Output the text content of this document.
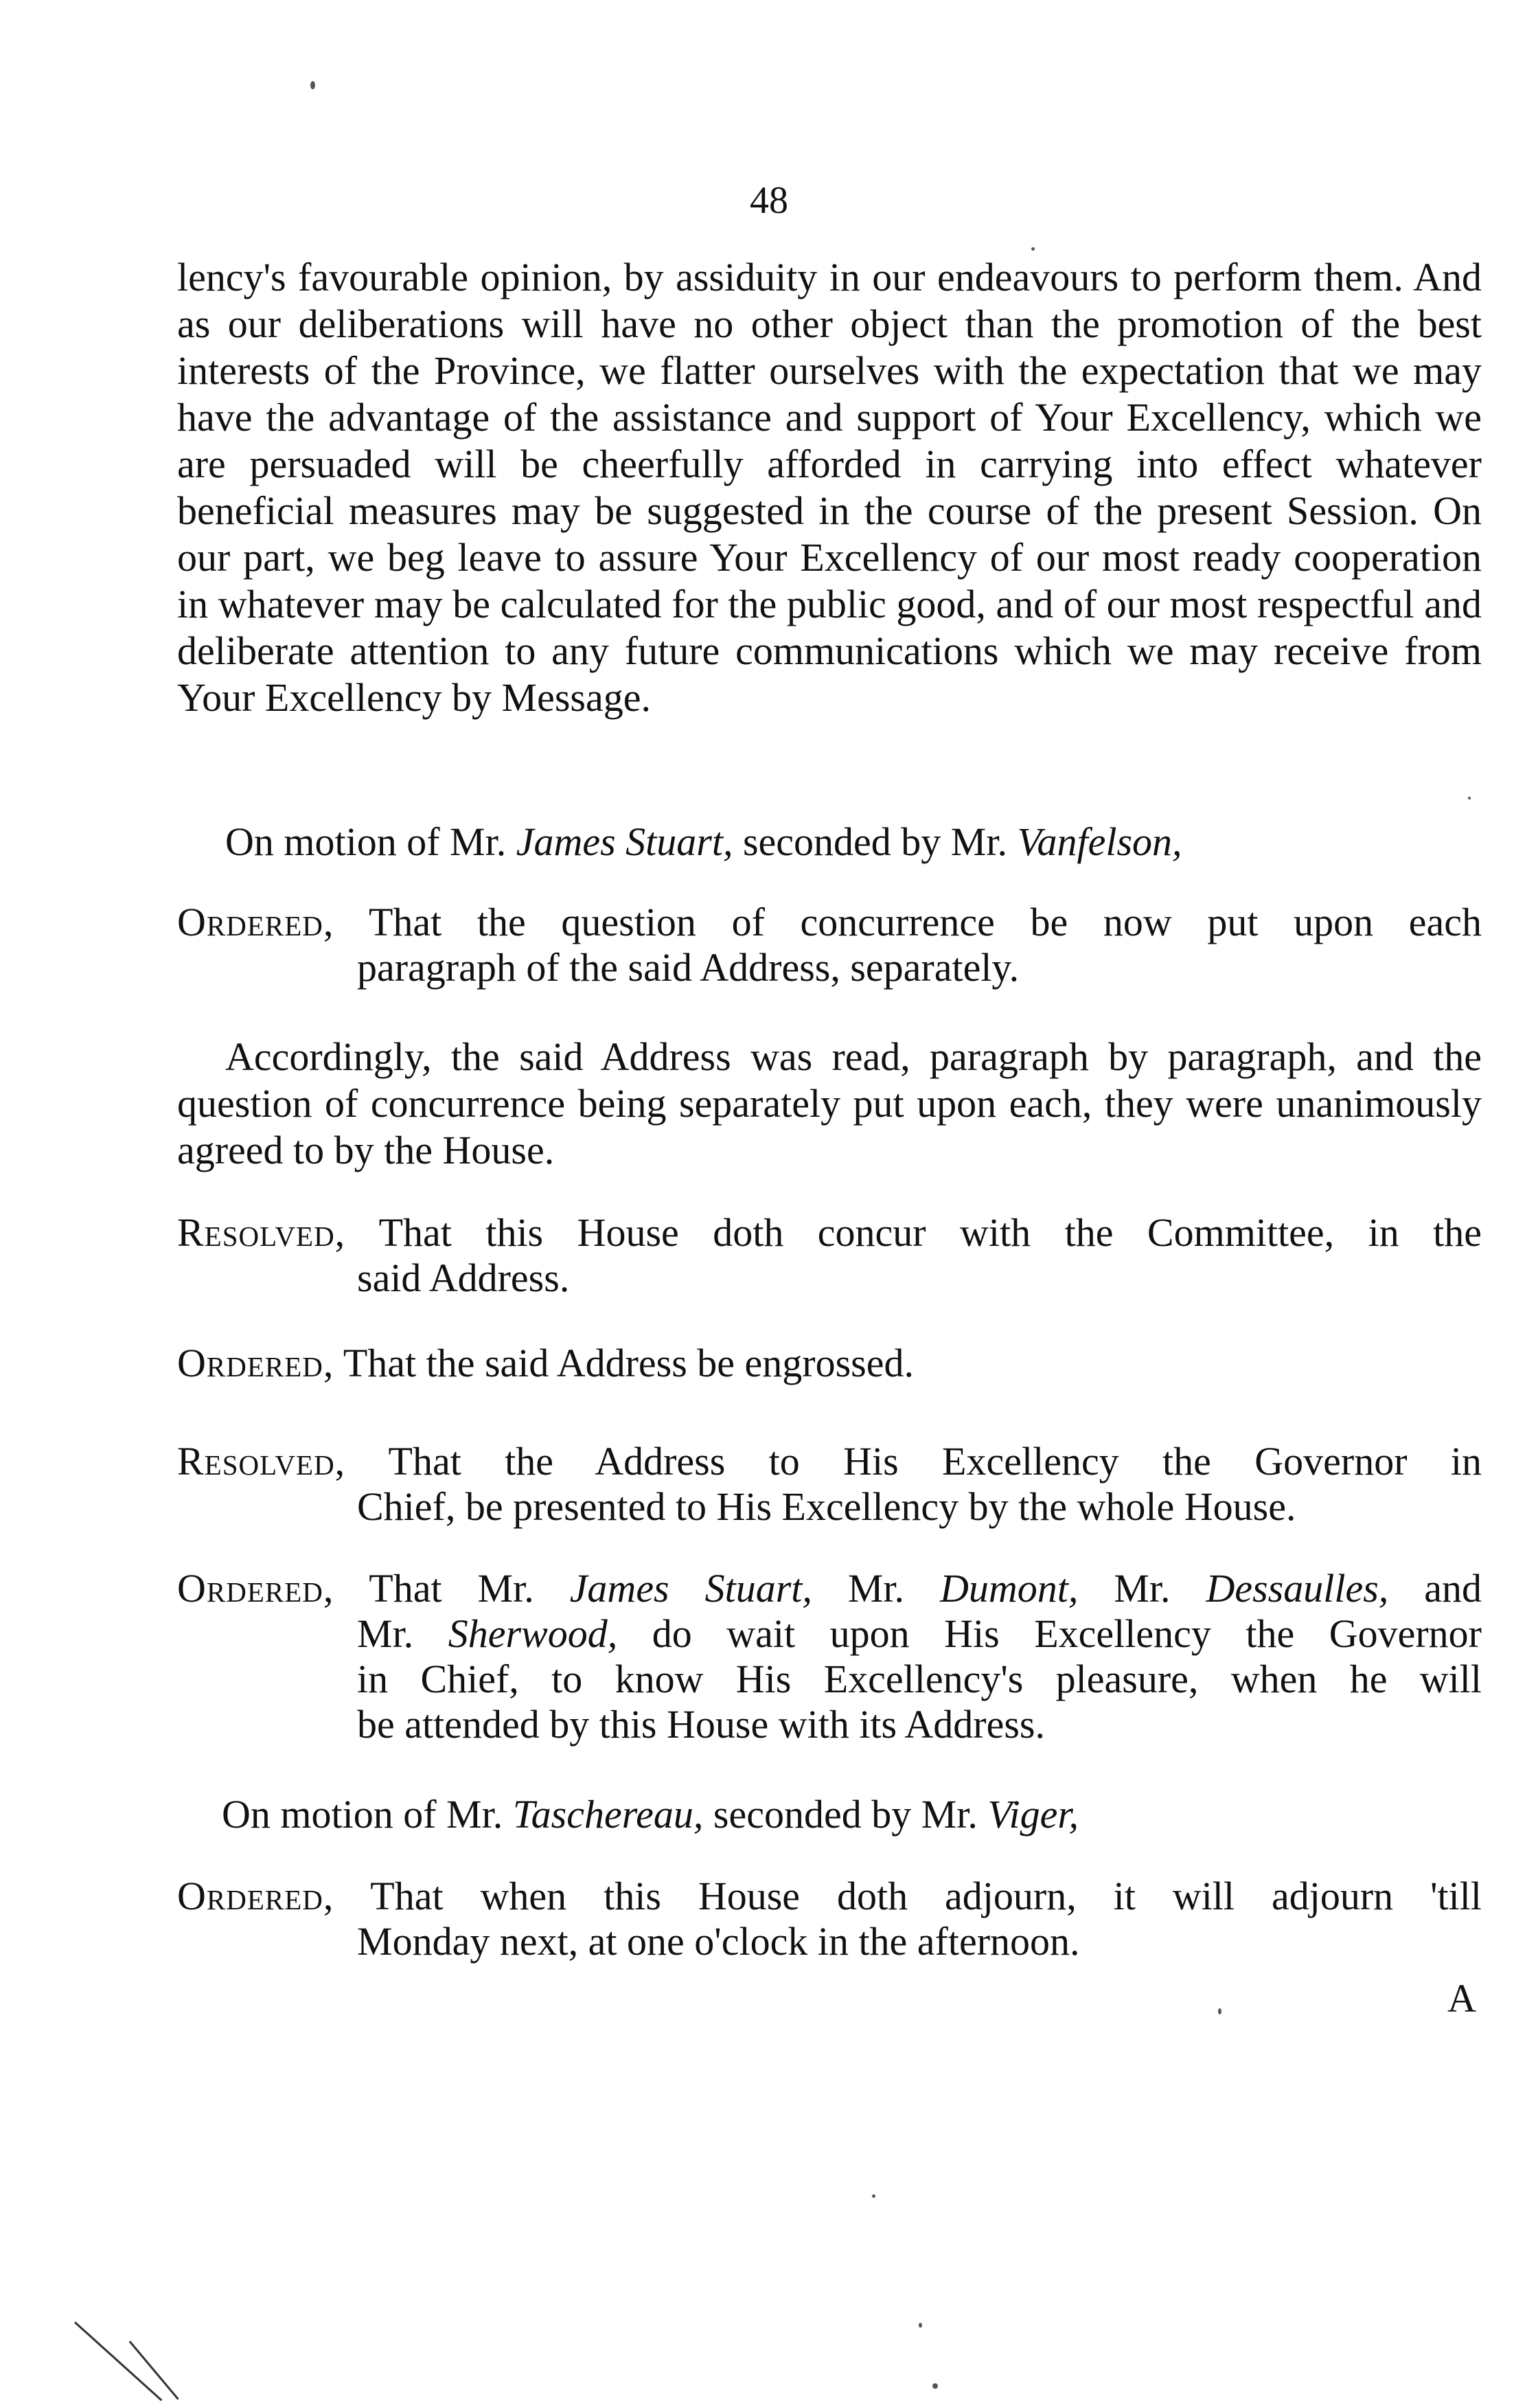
48

lency's favourable opinion, by assiduity in our endeavours to perform them. And as our deliberations will have no other object than the promotion of the best interests of the Province, we flatter ourselves with the expectation that we may have the advantage of the assistance and support of Your Excellency, which we are persuaded will be cheerfully afforded in carrying into effect whatever beneficial measures may be suggested in the course of the present Session. On our part, we beg leave to assure Your Excellency of our most ready cooperation in whatever may be calculated for the public good, and of our most respectful and deliberate attention to any future communications which we may receive from Your Excellency by Message.

On motion of Mr. James Stuart, seconded by Mr. Vanfelson,
Ordered, That the question of concurrence be now put upon each
paragraph of the said Address, separately.

Accordingly, the said Address was read, paragraph by paragraph, and the question of concurrence being separately put upon each, they were unanimously agreed to by the House.

Resolved, That this House doth concur with the Committee, in the
said Address.
Ordered, That the said Address be engrossed.
Resolved, That the Address to His Excellency the Governor in
Chief, be presented to His Excellency by the whole House.
Ordered, That Mr. James Stuart, Mr. Dumont, Mr. Dessaulles, and
Mr. Sherwood, do wait upon His Excellency the Governor
in Chief, to know His Excellency's pleasure, when he will
be attended by this House with its Address.
On motion of Mr. Taschereau, seconded by Mr. Viger,
Ordered, That when this House doth adjourn, it will adjourn 'till
Monday next, at one o'clock in the afternoon.
A
